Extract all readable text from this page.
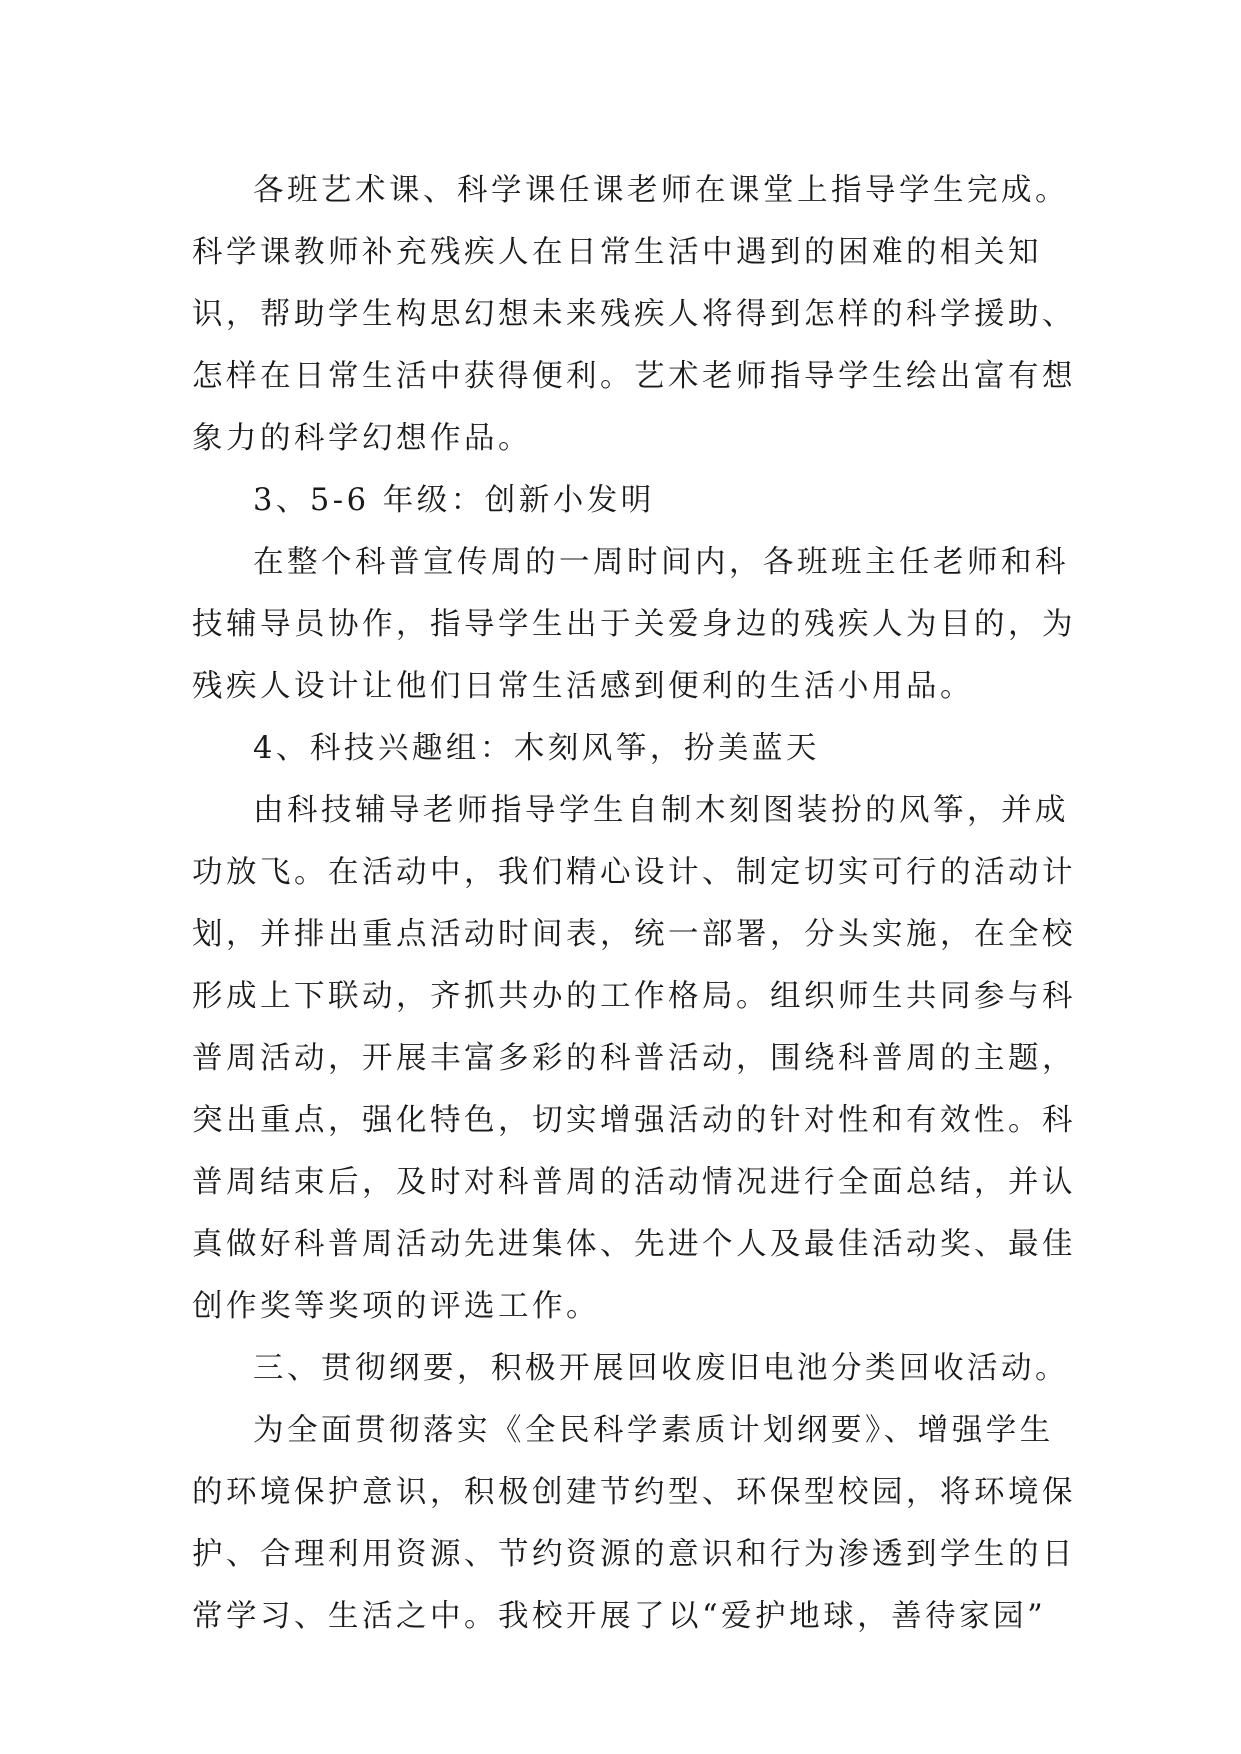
各班艺术课、科学课任课老师在课堂上指导学生完成。
科学课教师补充残疾人在日常生活中遇到的困难的相关知
识，帮助学生构思幻想未来残疾人将得到怎样的科学援助、
怎样在日常生活中获得便利。艺术老师指导学生绘出富有想
象力的科学幻想作品。
3、5-6 年级：创新小发明
在整个科普宣传周的一周时间内，各班班主任老师和科
技辅导员协作，指导学生出于关爱身边的残疾人为目的，为
残疾人设计让他们日常生活感到便利的生活小用品。
4、科技兴趣组：木刻风筝，扮美蓝天
由科技辅导老师指导学生自制木刻图装扮的风筝，并成
功放飞。在活动中，我们精心设计、制定切实可行的活动计
划，并排出重点活动时间表，统一部署，分头实施，在全校
形成上下联动，齐抓共办的工作格局。组织师生共同参与科
普周活动，开展丰富多彩的科普活动，围绕科普周的主题，
突出重点，强化特色，切实增强活动的针对性和有效性。科
普周结束后，及时对科普周的活动情况进行全面总结，并认
真做好科普周活动先进集体、先进个人及最佳活动奖、最佳
创作奖等奖项的评选工作。
三、贯彻纲要，积极开展回收废旧电池分类回收活动。
为全面贯彻落实《全民科学素质计划纲要》、增强学生
的环境保护意识，积极创建节约型、环保型校园，将环境保
护、合理利用资源、节约资源的意识和行为渗透到学生的日
常学习、生活之中。我校开展了以“爱护地球，善待家园”
